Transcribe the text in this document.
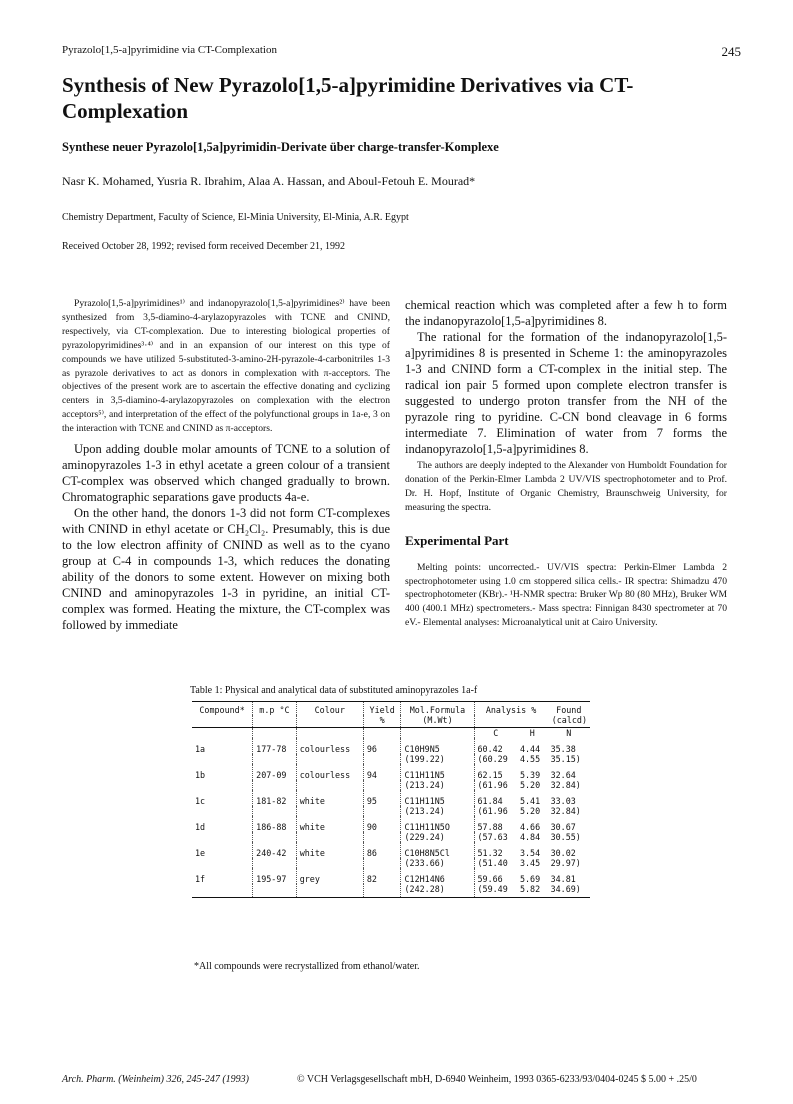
Pyrazolo[1,5-a]pyrimidine via CT-Complexation	245
Synthesis of New Pyrazolo[1,5-a]pyrimidine Derivatives via CT-Complexation
Synthese neuer Pyrazolo[1,5a]pyrimidin-Derivate über charge-transfer-Komplexe
Nasr K. Mohamed, Yusria R. Ibrahim, Alaa A. Hassan, and Aboul-Fetouh E. Mourad*
Chemistry Department, Faculty of Science, El-Minia University, El-Minia, A.R. Egypt
Received October 28, 1992; revised form received December 21, 1992

Pyrazolo[1,5-a]pyrimidines¹⁾ and indanopyrazolo[1,5-a]pyrimidines²⁾ have been synthesized from 3,5-diamino-4-arylazopyrazoles with TCNE and CNIND, respectively, via CT-complexation. Due to interesting biological properties of pyrazolopyrimidines³·⁴⁾ and in an expansion of our interest on this type of compounds we have utilized 5-substituted-3-amino-2H-pyrazole-4-carbonitriles 1-3 as pyrazole derivatives to act as donors in complexation with π-acceptors. The objectives of the present work are to ascertain the effective donating and cyclizing centers in 3,5-diamino-4-arylazopyrazoles on complexation with the electron acceptors⁵⁾, and interpretation of the effect of the polyfunctional groups in 1a-e, 3 on the interaction with TCNE and CNIND as π-acceptors.

Upon adding double molar amounts of TCNE to a solution of aminopyrazoles 1-3 in ethyl acetate a green colour of a transient CT-complex was observed which changed gradually to brown. Chromatographic separations gave products 4a-e.

On the other hand, the donors 1-3 did not form CT-complexes with CNIND in ethyl acetate or CH₂Cl₂. Presumably, this is due to the low electron affinity of CNIND as well as to the cyano group at C-4 in compounds 1-3, which reduces the donating ability of the donors to some extent. However on mixing both CNIND and aminopyrazoles 1-3 in pyridine, an initial CT-complex was formed. Heating the mixture, the CT-complex was followed by immediate

chemical reaction which was completed after a few h to form the indanopyrazolo[1,5-a]pyrimidines 8.

The rational for the formation of the indanopyrazolo[1,5-a]pyrimidines 8 is presented in Scheme 1: the aminopyrazoles 1-3 and CNIND form a CT-complex in the initial step. The radical ion pair 5 formed upon complete electron transfer is suggested to undergo proton transfer from the NH of the pyrazole ring to pyridine. C-CN bond cleavage in 6 forms intermediate 7. Elimination of water from 7 forms the indanopyrazolo[1,5-a]pyrimidines 8.

The authors are deeply indepted to the Alexander von Humboldt Foundation for donation of the Perkin-Elmer Lambda 2 UV/VIS spectrophotometer and to Prof. Dr. H. Hopf, Institute of Organic Chemistry, Braunschweig University, for measuring the spectra.

Experimental Part

Melting points: uncorrected.- UV/VIS spectra: Perkin-Elmer Lambda 2 spectrophotometer using 1.0 cm stoppered silica cells.- IR spectra: Shimadzu 470 spectrophotometer (KBr).- ¹H-NMR spectra: Bruker Wp 80 (80 MHz), Bruker WM 400 (400.1 MHz) spectrometers.- Mass spectra: Finnigan 8430 spectrometer at 70 eV.- Elemental analyses: Microanalytical unit at Cairo University.

Table 1: Physical and analytical data of substituted aminopyrazoles 1a-f
Compound*	m.p °C	Colour	Yield	Mol.Formula	Analysis %		Found
			%	(M.Wt)	(calcd)		
					C	H	N
1a	177-78	colourless	96	C10H9N5	60.42	4.44	35.38
				(199.22)	(60.29	4.55	35.15)
1b	207-09	colourless	94	C11H11N5	62.15	5.39	32.64
				(213.24)	(61.96	5.20	32.84)
1c	181-82	white	95	C11H11N5	61.84	5.41	33.03
				(213.24)	(61.96	5.20	32.84)
1d	186-88	white	90	C11H11N5O	57.88	4.66	30.67
				(229.24)	(57.63	4.84	30.55)
1e	240-42	white	86	C10H8N5Cl	51.32	3.54	30.02
				(233.66)	(51.40	3.45	29.97)
1f	195-97	grey	82	C12H14N6	59.66	5.69	34.81
				(242.28)	(59.49	5.82	34.69)
*All compounds were recrystallized from ethanol/water.
Arch. Pharm. (Weinheim) 326, 245-247 (1993)	© VCH Verlagsgesellschaft mbH, D-6940 Weinheim, 1993 0365-6233/93/0404-0245 $ 5.00 + .25/0
